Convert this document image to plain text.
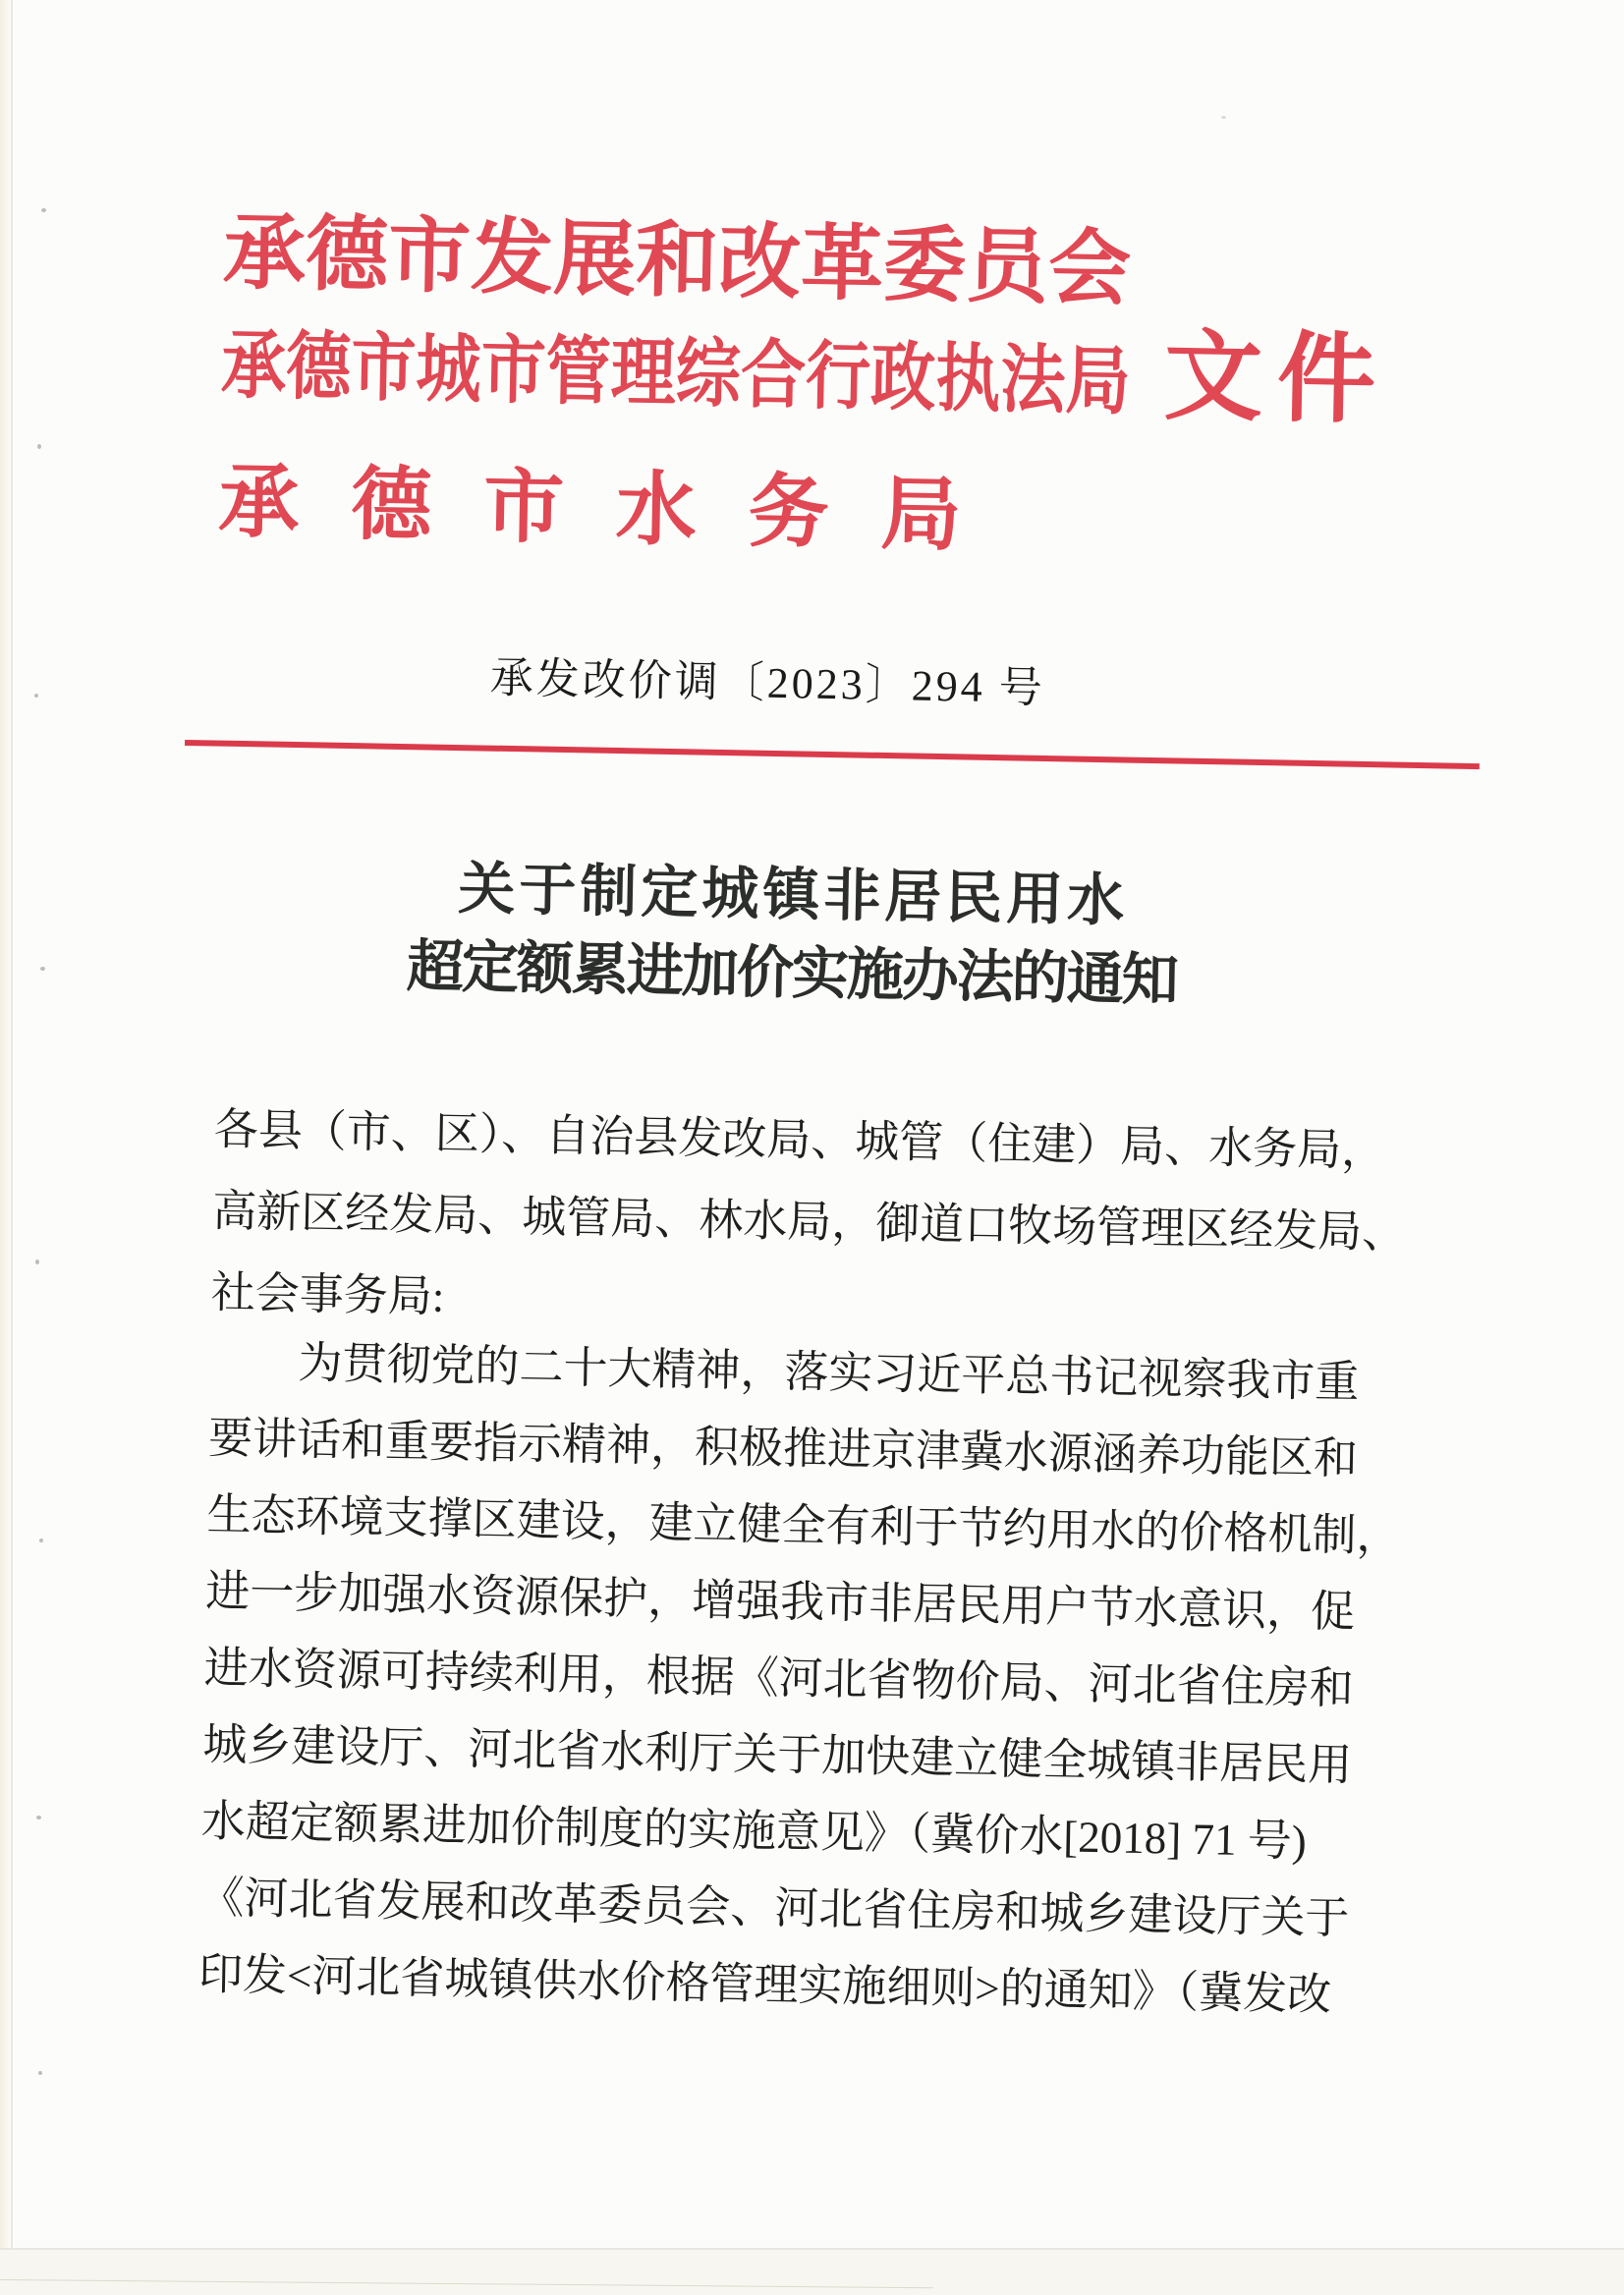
承德市发展和改革委员会
承德市城市管理综合行政执法局 文件
承 德 市 水 务 局
承发改价调〔2023〕294 号
关于制定城镇非居民用水
超定额累进加价实施办法的通知
各县（市、区）、自治县发改局、城管（住建）局、水务局，
高新区经发局、城管局、林水局，御道口牧场管理区经发局、
社会事务局:
　　为贯彻党的二十大精神，落实习近平总书记视察我市重
要讲话和重要指示精神，积极推进京津冀水源涵养功能区和
生态环境支撑区建设，建立健全有利于节约用水的价格机制，
进一步加强水资源保护，增强我市非居民用户节水意识，促
进水资源可持续利用，根据《河北省物价局、河北省住房和
城乡建设厅、河北省水利厅关于加快建立健全城镇非居民用
水超定额累进加价制度的实施意见》（冀价水[2018] 71 号)
《河北省发展和改革委员会、河北省住房和城乡建设厅关于
印发<河北省城镇供水价格管理实施细则>的通知》（冀发改
